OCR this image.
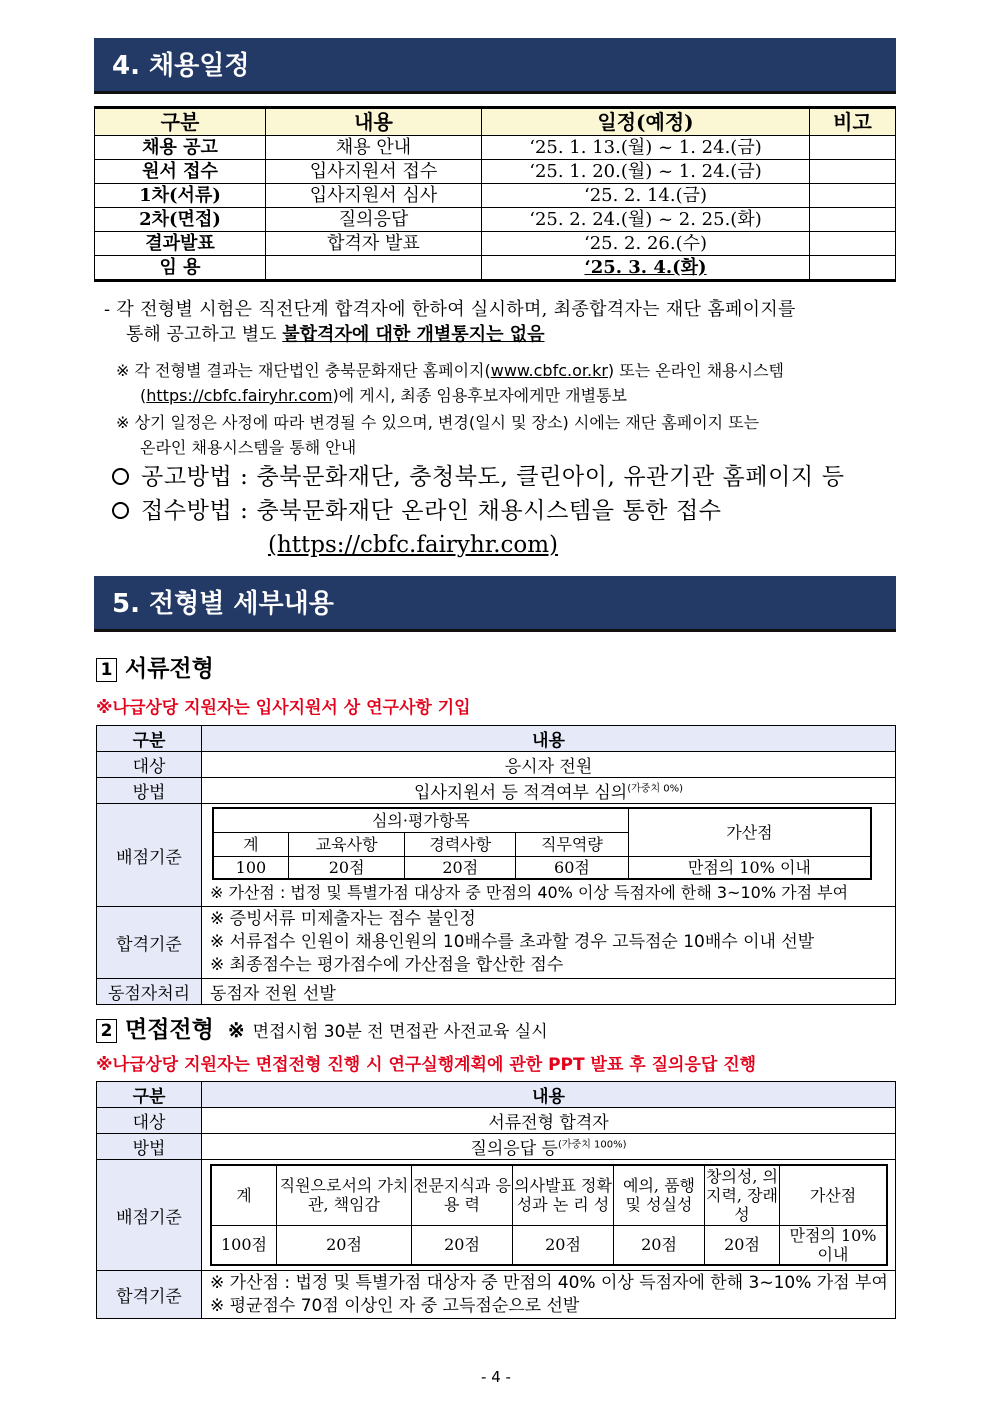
4. 채용일정
구분	내용	일정(예정)	비고
채용 공고	채용 안내	‘25. 1. 13.(월) ~ 1. 24.(금)	
원서 접수	입사지원서 접수	‘25. 1. 20.(월) ~ 1. 24.(금)	
1차(서류)	입사지원서 심사	‘25. 2. 14.(금)	
2차(면접)	질의응답	‘25. 2. 24.(월) ~ 2. 25.(화)	
결과발표	합격자 발표	‘25. 2. 26.(수)	
임 용		‘25. 3. 4.(화)	
- 각 전형별 시험은 직전단계 합격자에 한하여 실시하며, 최종합격자는 재단 홈페이지를
통해 공고하고 별도 불합격자에 대한 개별통지는 없음
※ 각 전형별 결과는 재단법인 충북문화재단 홈페이지(www.cbfc.or.kr) 또는 온라인 채용시스템
(https://cbfc.fairyhr.com)에 게시, 최종 임용후보자에게만 개별통보
※ 상기 일정은 사정에 따라 변경될 수 있으며, 변경(일시 및 장소) 시에는 재단 홈페이지 또는
온라인 채용시스템을 통해 안내
공고방법 : 충북문화재단, 충청북도, 클린아이, 유관기관 홈페이지 등
접수방법 : 충북문화재단 온라인 채용시스템을 통한 접수
(https://cbfc.fairyhr.com)
5. 전형별 세부내용
1 서류전형
※나급상당 지원자는 입사지원서 상 연구사항 기입
구분	내용
대상	응시자 전원
방법	입사지원서 등 적격여부 심의$^{(가중치 0\%)}$
배점기준	
심의·평가항목	가산점
계	교육사항	경력사항	직무역량
100	20점	20점	60점	만점의 10% 이내
※ 가산점 : 법정 및 특별가점 대상자 중 만점의 40% 이상 득점자에 한해 3~10% 가점 부여

합격기준	
※ 증빙서류 미제출자는 점수 불인정
※ 서류접수 인원이 채용인원의 10배수를 초과할 경우 고득점순 10배수 이내 선발
※ 최종점수는 평가점수에 가산점을 합산한 점수

동점자처리	동점자 전원 선발
2 면접전형 ※ 면접시험 30분 전 면접관 사전교육 실시
※나급상당 지원자는 면접전형 진행 시 연구실행계획에 관한 PPT 발표 후 질의응답 진행
구분	내용
대상	서류전형 합격자
방법	질의응답 등$^{(가중치 100\%)}$
배점기준	
계	직원으로서의 가치관, 책임감	전문지식과 응 용 력	의사발표 정확성과 논 리 성	예의, 품행 및 성실성	창의성, 의지력, 장래성	가산점
100점	20점	20점	20점	20점	20점	만점의 10% 이내

합격기준	
※ 가산점 : 법정 및 특별가점 대상자 중 만점의 40% 이상 득점자에 한해 3~10% 가점 부여
※ 평균점수 70점 이상인 자 중 고득점순으로 선발
- 4 -
